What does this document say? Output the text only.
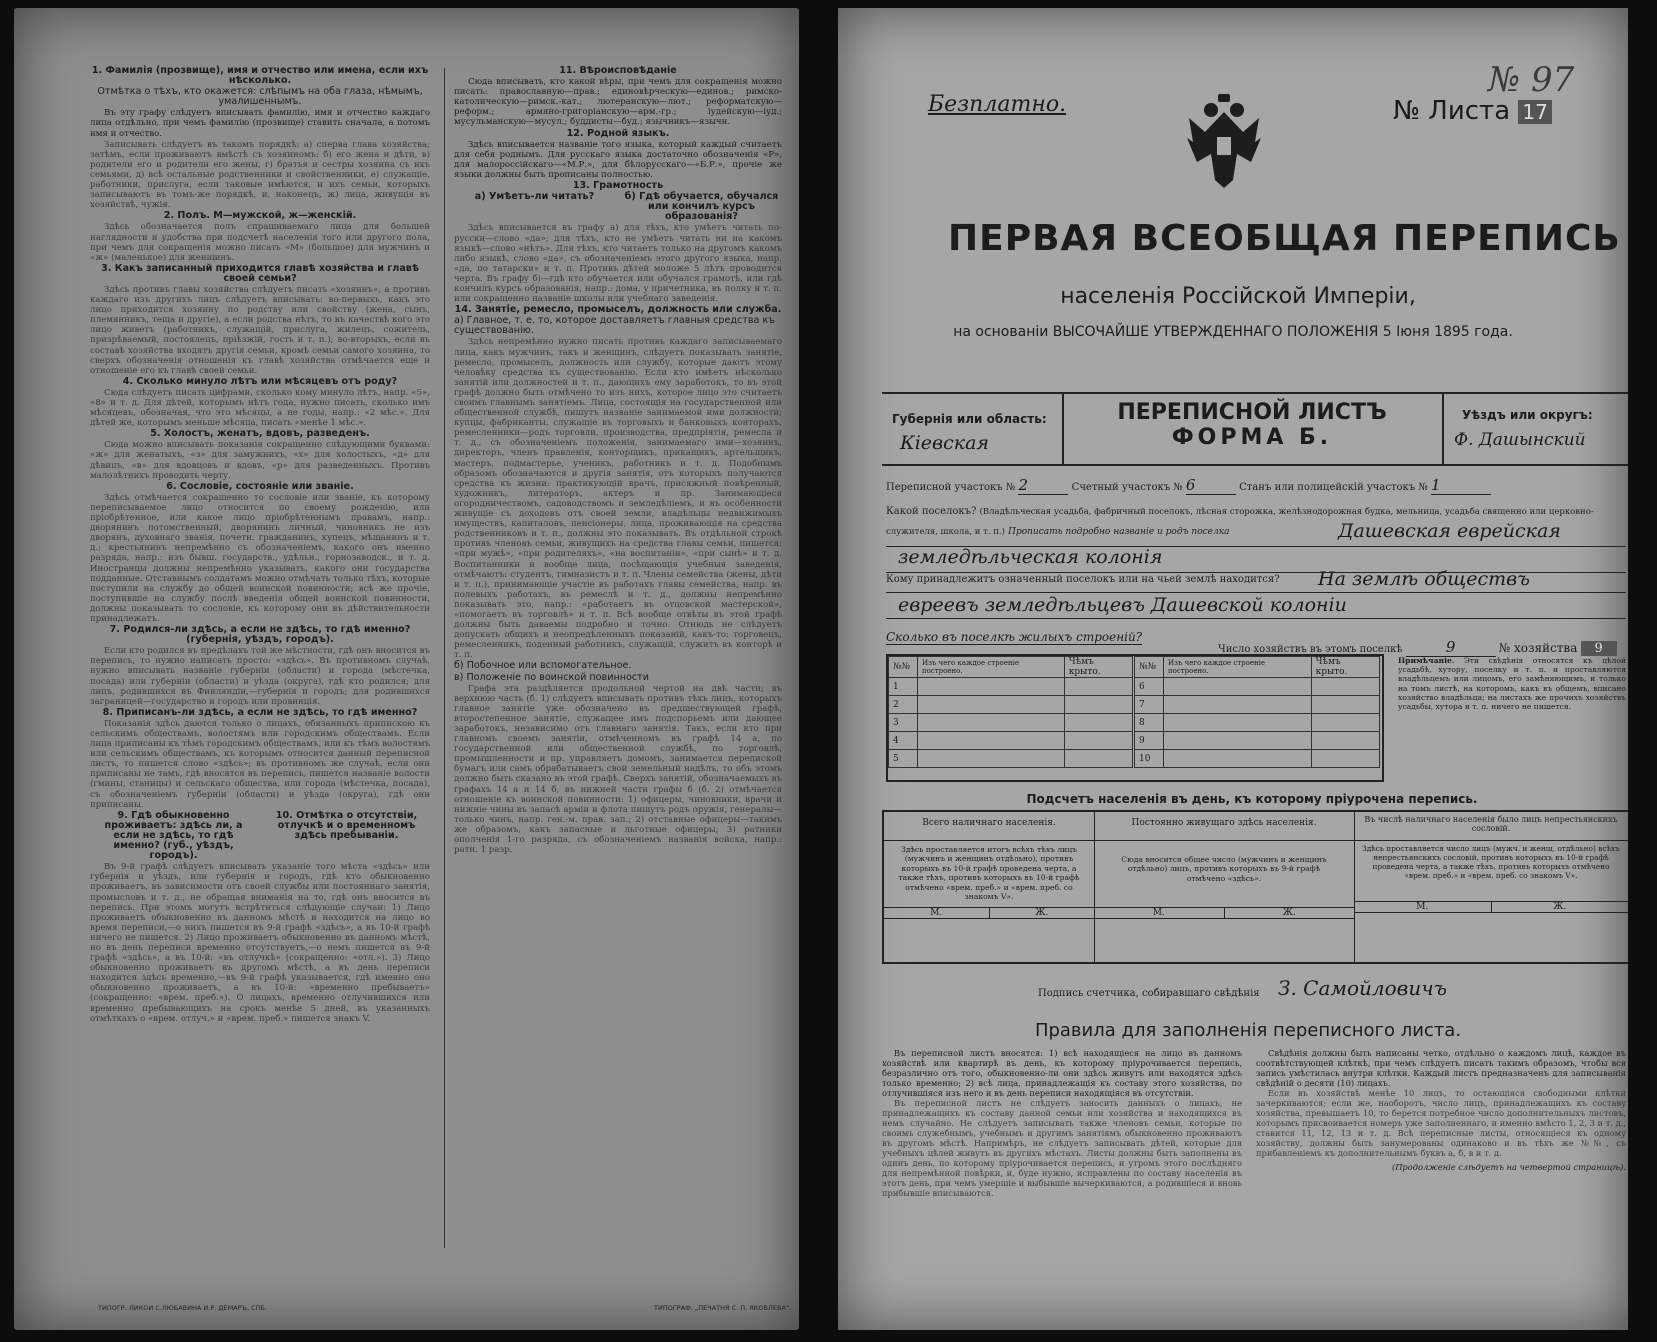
1. Фамилія (прозвище), имя и отчество или имена, если ихъ нѣсколько.

Отмѣтка о тѣхъ, кто окажется: слѣпымъ на оба глаза, нѣмымъ, умалишеннымъ.

Въ эту графу слѣдуетъ вписывать фамилію, имя и отчество каждаго лица отдѣльно, при чемъ фамилію (прозвище) ставить сначала, а потомъ имя и отчество.

Записывать слѣдуетъ въ такомъ порядкѣ: а) сперва глава хозяйства; затѣмъ, если проживаютъ вмѣстѣ съ хозяиномъ: б) его жена и дѣти, в) родители его и родители его жены, г) братья и сестры хозяина съ ихъ семьями, д) всѣ остальные родственники и свойственники, е) служащіе, работники, прислуга, если таковые имѣются, и ихъ семьи, которыхъ записываютъ въ томъ-же порядкѣ, и, наконецъ, ж) лица, живущія въ хозяйствѣ, чужія.

2. Полъ. М—мужской, ж—женскій.

Здѣсь обозначается полъ спрашиваемаго лица для большей наглядности и удобства при подсчетѣ населенія того или другого пола, при чемъ для сокращенія можно писать «М» (большое) для мужчинъ и «ж» (маленькое) для женщинъ.

3. Какъ записанный приходится главѣ хозяйства и главѣ своей семьи?

Здѣсь противъ главы хозяйства слѣдуетъ писать «хозяинъ», а противъ каждаго изъ другихъ лицъ слѣдуетъ вписывать: во-первыхъ, какъ это лицо приходится хозяину по родству или свойству (жена, сынъ, племянникъ, теща и другіе), а если родства нѣтъ, то въ качествѣ кого это лицо живетъ (работникъ, служащій, прислуга, жилецъ, сожитель, призрѣваемый, постоялецъ, пріѣзжій, гость и т. п.); во-вторыхъ, если въ составѣ хозяйства входятъ другія семьи, кромѣ семьи самого хозяина, то сверхъ обозначенія отношенія къ главѣ хозяйства отмѣчается еще и отношеніе его къ главѣ своей семьи.

4. Сколько минуло лѣтъ или мѣсяцевъ отъ роду?

Сюда слѣдуетъ писать цифрами, сколько кому минуло лѣтъ, напр. «5», «8» и т. д. Для дѣтей, которымъ нѣтъ года, нужно писать, сколько имъ мѣсяцевъ, обозначая, что это мѣсяцы, а не годы, напр.: «2 мѣс.». Для дѣтей же, которымъ меньше мѣсяца, писать «менѣе 1 мѣс.».

5. Холостъ, женатъ, вдовъ, разведенъ.

Сюда можно вписывать показанія сокращенно слѣдующими буквами: «ж» для женатыхъ, «з» для замужнихъ, «х» для холостыхъ, «д» для дѣвицъ, «в» для вдовцовъ и вдовъ, «р» для разведенныхъ. Противъ малолѣтнихъ проводить черту.

6. Сословіе, состояніе или званіе.

Здѣсь отмѣчается сокращенно то сословіе или званіе, къ которому переписываемое лицо относится по своему рожденію, или пріобрѣтенное, или какое лицо пріобрѣтеннымъ правамъ, напр.: дворянинъ потомственный, дворянинъ личный, чиновникъ не изъ дворянъ, духовнаго званія, почетн. гражданинъ, купецъ, мѣщанинъ и т. д.; крестьянинъ непремѣнно съ обозначеніемъ, какого онъ именно разряда, напр.: изъ бывш. государств., удѣльн., горнозаводск., и т. д. Иностранцы должны непремѣнно указывать, какого они государства подданные. Отставнымъ солдатамъ можно отмѣчать только тѣхъ, которые поступили на службу до общей воинской повинности; всѣ же прочіе, поступившіе на службу послѣ введенія общей воинской повинности, должны показывать то сословіе, къ которому они въ дѣйствительности принадлежатъ.

7. Родился-ли здѣсь, а если не здѣсь, то гдѣ именно? (губернія, уѣздъ, городъ).

Если кто родился въ предѣлахъ той же мѣстности, гдѣ онъ вносится въ перепись, то нужно написать просто: «здѣсь». Въ противномъ случаѣ, нужно вписывать названіе губерніи (области) и города (мѣстечка, посада) или губерніи (области) и уѣзда (округа), гдѣ кто родился; для лицъ, родившихся въ Финляндіи,—губернія и городъ; для родившихся заграницей—государство и городъ или провинція.

8. Приписанъ-ли здѣсь, а если не здѣсь, то гдѣ именно?

Показанія здѣсь даются только о лицахъ, обязанныхъ припискою къ сельскимъ обществамъ, волостямъ или городскимъ обществамъ. Если лица приписаны къ тѣмъ городскимъ обществамъ, или къ тѣмъ волостямъ или сельскимъ обществамъ, къ которымъ относится данный переписной листъ, то пишется слово «здѣсь»; въ противномъ же случаѣ, если они приписаны не тамъ, гдѣ вносятся въ перепись, пишется названіе волости (гмины, станицы) и сельскаго общества, или города (мѣстечка, посада), съ обозначеніемъ губерніи (области) и уѣзда (округа), гдѣ они приписаны.

9. Гдѣ обыкновенно проживаетъ: здѣсь ли, а если не здѣсь, то гдѣ именно? (губ., уѣздъ, городъ).

10. Отмѣтка о отсутствіи, отлучкѣ и о временномъ здѣсь пребываніи.

Въ 9-й графѣ слѣдуетъ вписывать указаніе того мѣста «здѣсь» или губернія и уѣздъ, или губернія и городъ, гдѣ кто обыкновенно проживаетъ, въ зависимости отъ своей службы или постояннаго занятія, промысловъ и т. д., не обращая вниманія на то, гдѣ онъ вносится въ перепись. При этомъ могутъ встрѣтиться слѣдующіе случаи: 1) Лицо проживаетъ обыкновенно въ данномъ мѣстѣ и находится на лицо во время переписи,—о нихъ пишется въ 9-й графѣ «здѣсь», а въ 10-й графѣ ничего не пишется. 2) Лицо проживаетъ обыкновенно въ данномъ мѣстѣ, но въ день переписи временно отсутствуетъ,—о немъ пишется въ 9-й графѣ «здѣсь», а въ 10-й: «въ отлучкѣ» (сокращенно: «отл.»). 3) Лицо обыкновенно проживаетъ въ другомъ мѣстѣ, а въ день переписи находится здѣсь временно,—въ 9-й графѣ указывается, гдѣ именно оно обыкновенно проживаетъ, а въ 10-й: «временно пребываетъ» (сокращенно: «врем. преб.»). О лицахъ, временно отлучившихся или временно пребывающихъ на срокъ менѣе 5 дней, въ указанныхъ отмѣткахъ о «врем. отлуч.» и «врем. преб.» пишется знакъ V.

ТИПОГР. ЛИКОИ С.ЛЮБАВИНА И.Р. ДЕМАРЪ, СПБ.

11. Вѣроисповѣданіе

Сюда вписывать, кто какой вѣры, при чемъ для сокращенія можно писать: православную—прав.; единовѣрческую—единов.; римско-католическую—римск.-кат.; лютеранскую—лют.; реформатскую—реформ.; армяно-григоріанскую—арм.-гр.; іудейскую—іуд.; мусульманскую—мусул.; буддисты—буд.; язычникъ—язычн.

12. Родной языкъ.

Здѣсь вписывается названіе того языка, который каждый считаетъ для себя роднымъ. Для русскаго языка достаточно обозначенія «Р», для малороссійскаго—«М.Р.», для бѣлорусскаго—«Б.Р.», прочіе же языки должны быть прописаны полностью.

13. Грамотность

а) Умѣетъ-ли читать?	б) Гдѣ обучается, обучался или кончилъ курсъ образованія?

Здѣсь вписывается въ графу а) для тѣхъ, кто умѣетъ читать по-русски—слово «да»; для тѣхъ, кто не умѣетъ читать ни на какомъ языкѣ—слово «нѣтъ». Для тѣхъ, кто читаетъ только на другомъ какомъ либо языкѣ, слово «да», съ обозначеніемъ этого другого языка, напр. «да, по татарски» и т. п. Противъ дѣтей моложе 5 лѣтъ проводится черта. Въ графу б)—гдѣ кто обучается или обучался грамотѣ, или гдѣ кончилъ курсъ образованія, напр.: дома, у причетника, въ полку и т. п. или сокращенно названіе школы или учебнаго заведенія.

14. Занятіе, ремесло, промыселъ, должность или служба.

а) Главное, т. е. то, которое доставляетъ главныя средства къ существованію.

Здѣсь непремѣнно нужно писать противъ каждаго записываемаго лица, какъ мужчинъ, такъ и женщинъ, слѣдуетъ показывать занятіе, ремесло, промыселъ, должность или службу, которые даютъ этому человѣку средства къ существованію. Если кто имѣетъ нѣсколько занятій или должностей и т. п., дающихъ ему заработокъ, то въ этой графѣ должно быть отмѣчено то изъ нихъ, которое лицо это считаетъ своимъ главнымъ занятіемъ. Лица, состоящія на государственной или общественной службѣ, пишутъ названіе занимаемой ими должности; купцы, фабриканты, служащіе въ торговыхъ и банковыхъ конторахъ, ремесленники—родъ торговли, производства, предпріятія, ремесла и т. д., съ обозначеніемъ положенія, занимаемаго ими—хозяинъ, директоръ, членъ правленія, конторщикъ, прикащикъ, артельщикъ, мастеръ, подмастерье, ученикъ, работникъ и т. д. Подобнымъ образомъ обозначаются и другія занятія, отъ которыхъ получаются средства къ жизни: практикующій врачъ, присяжный повѣренный, художникъ, литераторъ, актеръ и пр. Занимающіеся огородничествомъ, садоводствомъ и земледѣліемъ, и въ особенности живущіе съ доходовъ отъ своей земли, владѣльцы недвижимыхъ имуществъ, капиталовъ, пенсіонеры, лица, проживающія на средства родственниковъ и т. п., должны это показывать. Въ отдѣльной строкѣ противъ членовъ семьи, живущихъ на средства главы семьи, пишется: «при мужѣ», «при родителяхъ», «на воспитаніи», «при сынѣ» и т. д. Воспитанники и вообще лица, посѣщающія учебныя заведенія, отмѣчаютъ: студентъ, гимназистъ и т. п. Члены семейства (жены, дѣти и т. п.), принимающіе участіе въ работахъ главы семейства, напр. въ полевыхъ работахъ, въ ремеслѣ и т. д., должны непремѣнно показывать это, напр.: «работаетъ въ отцовской мастерской», «помогаетъ въ торговлѣ» и т. п. Всѣ вообще отвѣты въ этой графѣ должны быть даваемы подробно и точно. Отнюдь не слѣдуетъ допускать общихъ и неопредѣленныхъ показаній, какъ-то: торговецъ, ремесленникъ, поденный работникъ, служащій, служитъ въ конторѣ и т. п.

б) Побочное или вспомогательное.

в) Положеніе по воинской повинности

Графа эта раздѣляется продольной чертой на двѣ части; въ верхнюю часть (б. 1) слѣдуетъ вписывать противъ тѣхъ лицъ, которыхъ главное занятіе уже обозначено въ предшествующей графѣ, второстепенное занятіе, служащее имъ подспорьемъ или дающее заработокъ, независимо отъ главнаго занятія. Такъ, если кто при главномъ своемъ занятіи, отмѣченномъ въ графѣ 14 а, по государственной или общественной службѣ, по торговлѣ, промышленности и пр. управляетъ домомъ, занимается перепиской бумагъ или самъ обрабатываетъ свой земельный надѣлъ, то объ этомъ должно быть сказано въ этой графѣ. Сверхъ занятій, обозначаемыхъ въ графахъ 14 а и 14 б, въ нижней части графы б (б. 2) отмѣчается отношеніе къ воинской повинности: 1) офицеры, чиновники, врачи и нижніе чины въ запасѣ арміи и флота пишутъ родъ оружія, генералы—только чинъ, напр. ген.-м. прав. зап.; 2) отставные офицеры—такимъ же образомъ, какъ запасные и льготные офицеры; 3) ратники ополченія 1-го разряда, съ обозначеніемъ названія войска, напр.: ратн. 1 разр.

ТИПОГРАФ. „ПЕЧАТНЯ С. П. ЯКОВЛЕВА“.
Безплатно.	№ Листа 17
№ 97
ПЕРВАЯ ВСЕОБЩАЯ ПЕРЕПИСЬ
населенія Россійской Имперіи,
на основаніи ВЫСОЧАЙШЕ УТВЕРЖДЕННАГО ПОЛОЖЕНІЯ 5 Іюня 1895 года.
Губернія или область:
Кіевская
ПЕРЕПИСНОЙ ЛИСТЪ
ФОРМА Б.
Уѣздъ или округъ:
Ф. Дашынский
Переписной участокъ № 2	Счетный участокъ № 6	Станъ или полицейскій участокъ № 1
Какой поселокъ? (Владѣльческая усадьба, фабричный поселокъ, лѣсная сторожка, желѣзнодорожная будка, мельница, усадьба священно или церковно-служителя, школа, и т. п.) Прописать подробно названіе и родъ поселка	Дашевская еврейская
земледѣльческая колонія
Кому принадлежитъ означенный поселокъ или на чьей землѣ находится? На землѣ обществъ
евреевъ земледѣльцевъ Дашевской колоніи
Число хозяйствъ въ этомъ поселкѣ	9	№ хозяйства 9
Сколько въ поселкѣ жилыхъ строеній?
№№	Изъ чего каждое строеніе построено.	Чѣмъ крыто.
1		
2		
3		
4		
5		
№№	Изъ чего каждое строеніе построено.	Чѣмъ крыто.
6		
7		
8		
9		
10		
Примѣчаніе. Эти свѣдѣнія относятся къ цѣлой усадьбѣ, хутору, поселку и т. п. и проставляются владѣльцемъ или лицомъ, его замѣняющимъ, и только на томъ листѣ, на которомъ, какъ въ общемъ, вписано хозяйство владѣльца; на листахъ же прочихъ хозяйствъ усадьбы, хутора и т. п. ничего не пишется.
Подсчетъ населенія въ день, къ которому пріурочена перепись.
Всего наличнаго населенія.
Здѣсь проставляется итогъ всѣхъ тѣхъ лицъ (мужчинъ и женщинъ отдѣльно), противъ которыхъ въ 10-й графѣ проведена черта, а также тѣхъ, противъ которыхъ въ 10-й графѣ отмѣчено «врем. преб.» и «врем. преб. со знакомъ V».
М.	Ж.
Постоянно живущаго здѣсь населенія.
Сюда вносится общее число (мужчинъ и женщинъ отдѣльно) лицъ, противъ которыхъ въ 9-й графѣ отмѣчено «здѣсь».
М.	Ж.
Въ числѣ наличнаго населенія было лицъ непрестьянскихъ сословій.
Здѣсь проставляется число лицъ (мужч. и женщ. отдѣльно) всѣхъ непрестьянскихъ сословій, противъ которыхъ въ 10-й графѣ проведена черта, а также тѣхъ, противъ которыхъ отмѣчено «врем. преб.» и «врем. преб. со знакомъ V».
М.	Ж.
Подпись счетчика, собиравшаго свѣдѣнія З. Самойловичъ
Правила для заполненія переписного листа.

Въ переписной листъ вносятся: 1) всѣ находящіеся на лицо въ данномъ хозяйствѣ или квартирѣ въ день, къ которому пріурочивается перепись, безразлично отъ того, обыкновенно-ли они здѣсь живутъ или находятся здѣсь только временно; 2) всѣ лица, принадлежащія къ составу этого хозяйства, по отлучившіяся изъ него и въ день переписи находящіяся въ отсутствіи.

Въ переписной листъ не слѣдуетъ заносить данныхъ о лицахъ, не принадлежащихъ къ составу данной семьи или хозяйства и находящихся въ немъ случайно. Не слѣдуетъ записывать также членовъ семьи, которые по своимъ служебнымъ, учебнымъ и другимъ занятіямъ обыкновенно проживаютъ въ другомъ мѣстѣ. Напримѣръ, не слѣдуетъ записывать дѣтей, которые для учебныхъ цѣлей живутъ въ другихъ мѣстахъ. Листы должны быть заполнены въ одинъ день, по которому пріурочивается перепись, и утромъ этого послѣдняго для непремѣнной повѣрки, и, буде нужно, исправлены по составу населенія въ этотъ день, при чемъ умершіе и выбывшіе вычеркиваются, а родившіеся и вновь прибывшіе вписываются.

Свѣдѣнія должны быть написаны четко, отдѣльно о каждомъ лицѣ, каждое въ соотвѣтствующей клѣткѣ, при чемъ слѣдуетъ писать такимъ образомъ, чтобы вся запись умѣстилась внутри клѣтки. Каждый листъ предназначенъ для записыванія свѣдѣній о десяти (10) лицахъ.

Если въ хозяйствѣ менѣе 10 лицъ, то остающіяся свободными клѣтки зачеркиваются; если же, наоборотъ, число лицъ, принадлежащихъ къ составу хозяйства, превышаетъ 10, то берется потребное число дополнительныхъ листовъ, которымъ присвоивается номеръ уже заполненнаго, и именно вмѣсто 1, 2, 3 и т. д., ставится 11, 12, 13 и т. д. Всѣ переписные листы, относящіеся къ одному хозяйству, должны быть занумерованы одинаково и въ тѣхъ же №№, съ прибавленіемъ къ дополнительнымъ буквъ а, б, в и т. д.

(Продолженіе слѣдуетъ на четвертой страницѣ).
